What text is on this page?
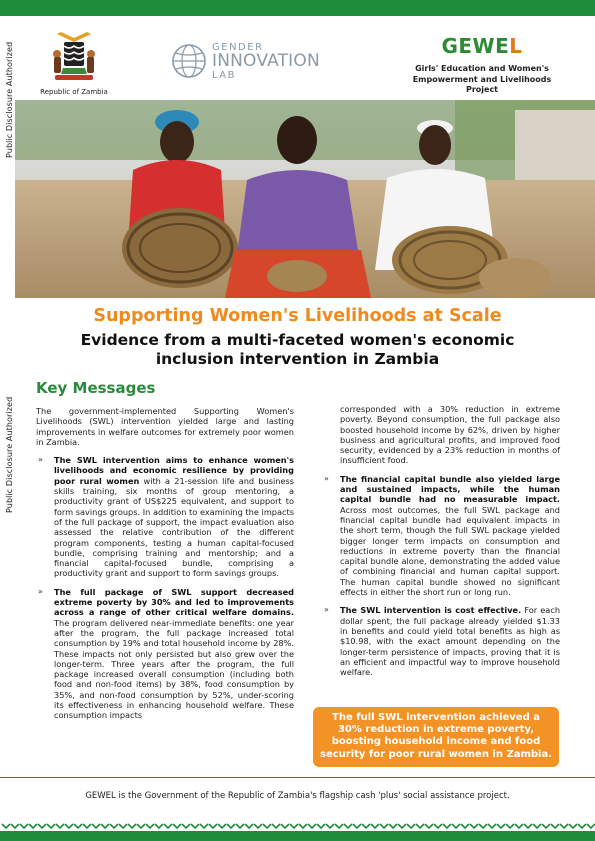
Public Disclosure Authorized
Public Disclosure Authorized
Public Disclosure Authorized
Republic of Zambia
GENDER
INNOVATION
LAB
GEWEL
Girls' Education and Women's
Empowerment and Livelihoods Project
Supporting Women's Livelihoods at Scale
Evidence from a multi-faceted women's economic inclusion intervention in Zambia
Key Messages

The government-implemented Supporting Women's Livelihoods (SWL) intervention yielded large and lasting improvements in welfare outcomes for extremely poor women in Zambia.

» The SWL intervention aims to enhance women's livelihoods and economic resilience by providing poor rural women with a 21-session life and business skills training, six months of group mentoring, a productivity grant of US$225 equivalent, and support to form savings groups. In addition to examining the impacts of the full package of support, the impact evaluation also assessed the relative contribution of the different program components, testing a human capital-focused bundle, comprising training and mentorship; and a financial capital-focused bundle, comprising a productivity grant and support to form savings groups.
» The full package of SWL support decreased extreme poverty by 30% and led to improvements across a range of other critical welfare domains. The program delivered near-immediate benefits: one year after the program, the full package increased total consumption by 19% and total household income by 28%. These impacts not only persisted but also grew over the longer-term. Three years after the program, the full package increased overall consumption (including both food and non-food items) by 38%, food consumption by 35%, and non-food consumption by 52%, under-scoring its effectiveness in enhancing household welfare. These consumption impacts
corresponded with a 30% reduction in extreme poverty. Beyond consumption, the full package also boosted household income by 62%, driven by higher business and agricultural profits, and improved food security, evidenced by a 23% reduction in months of insufficient food.
» The financial capital bundle also yielded large and sustained impacts, while the human capital bundle had no measurable impact. Across most outcomes, the full SWL package and financial capital bundle had equivalent impacts in the short term, though the full SWL package yielded bigger longer term impacts on consumption and reductions in extreme poverty than the financial capital bundle alone, demonstrating the added value of combining financial and human capital support. The human capital bundle showed no significant effects in either the short run or long run.
» The SWL intervention is cost effective. For each dollar spent, the full package already yielded $1.33 in benefits and could yield total benefits as high as $10.98, with the exact amount depending on the longer-term persistence of impacts, proving that it is an efficient and impactful way to improve household welfare.
The full SWL intervention achieved a 30% reduction in extreme poverty, boosting household income and food security for poor rural women in Zambia.
GEWEL is the Government of the Republic of Zambia's flagship cash 'plus' social assistance project.
